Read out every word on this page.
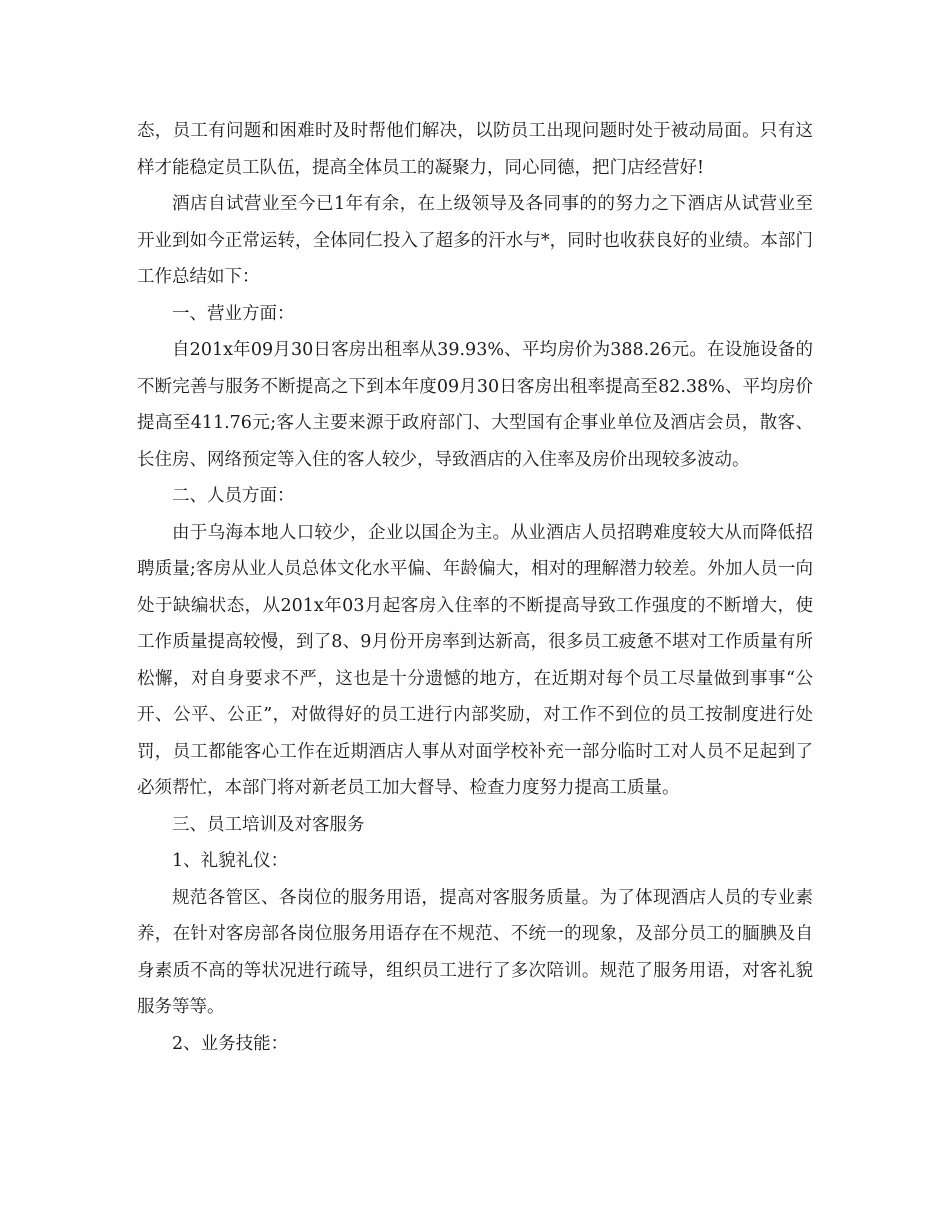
态，员工有问题和困难时及时帮他们解决，以防员工出现问题时处于被动局面。只有这样才能稳定员工队伍，提高全体员工的凝聚力，同心同德，把门店经营好!

酒店自试营业至今已1年有余，在上级领导及各同事的的努力之下酒店从试营业至开业到如今正常运转，全体同仁投入了超多的汗水与*，同时也收获良好的业绩。本部门工作总结如下：

一、营业方面：

自201x年09月30日客房出租率从39.93%、平均房价为388.26元。在设施设备的不断完善与服务不断提高之下到本年度09月30日客房出租率提高至82.38%、平均房价提高至411.76元;客人主要来源于政府部门、大型国有企事业单位及酒店会员，散客、长住房、网络预定等入住的客人较少，导致酒店的入住率及房价出现较多波动。

二、人员方面：

由于乌海本地人口较少，企业以国企为主。从业酒店人员招聘难度较大从而降低招聘质量;客房从业人员总体文化水平偏、年龄偏大，相对的理解潜力较差。外加人员一向处于缺编状态，从201x年03月起客房入住率的不断提高导致工作强度的不断增大，使工作质量提高较慢，到了8、9月份开房率到达新高，很多员工疲惫不堪对工作质量有所松懈，对自身要求不严，这也是十分遗憾的地方，在近期对每个员工尽量做到事事“公开、公平、公正”，对做得好的员工进行内部奖励，对工作不到位的员工按制度进行处罚，员工都能客心工作在近期酒店人事从对面学校补充一部分临时工对人员不足起到了必须帮忙，本部门将对新老员工加大督导、检查力度努力提高工质量。

三、员工培训及对客服务

1、礼貌礼仪：

规范各管区、各岗位的服务用语，提高对客服务质量。为了体现酒店人员的专业素养，在针对客房部各岗位服务用语存在不规范、不统一的现象，及部分员工的腼腆及自身素质不高的等状况进行疏导，组织员工进行了多次陪训。规范了服务用语，对客礼貌服务等等。

2、业务技能：
